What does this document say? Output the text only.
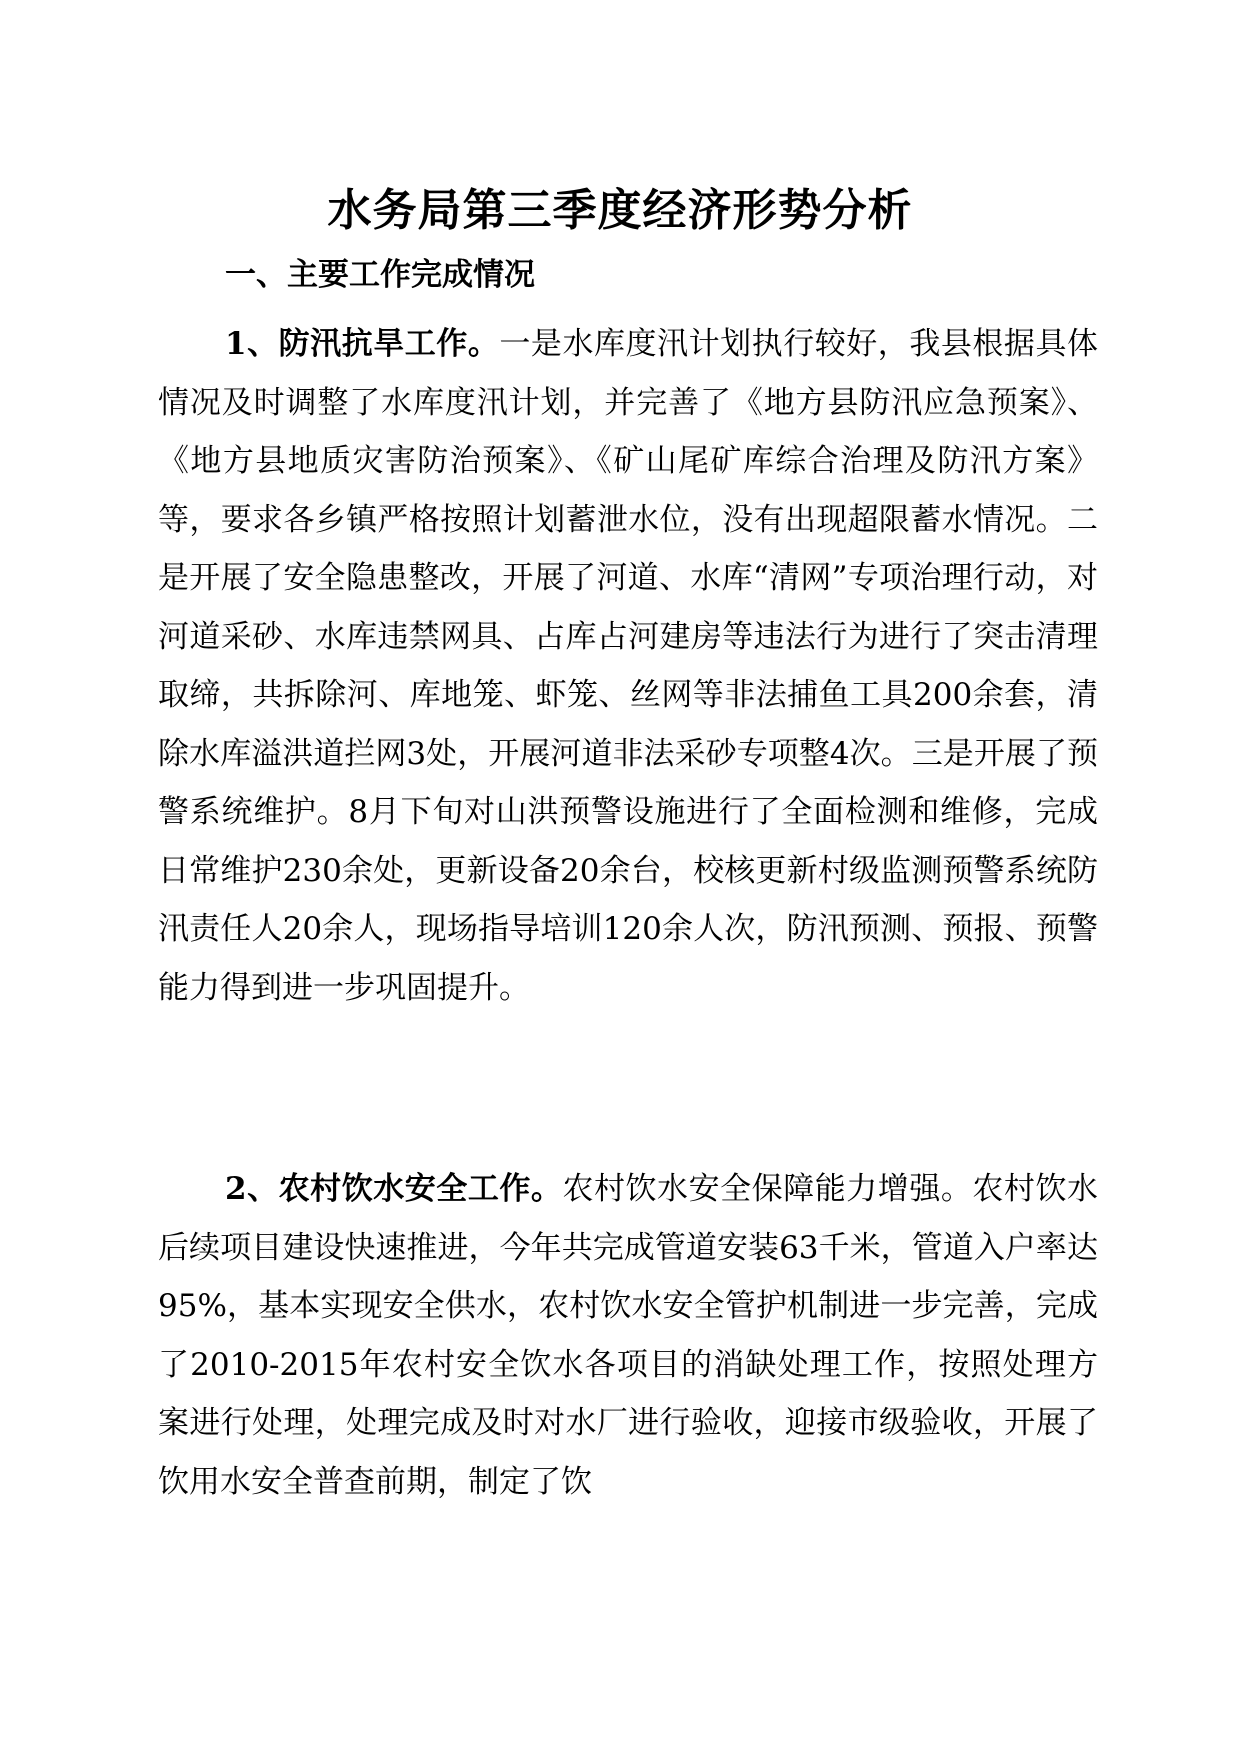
水务局第三季度经济形势分析
一、主要工作完成情况

1、防汛抗旱工作。一是水库度汛计划执行较好，我县根据具体情况及时调整了水库度汛计划，并完善了《地方县防汛应急预案》、《地方县地质灾害防治预案》、《矿山尾矿库综合治理及防汛方案》等，要求各乡镇严格按照计划蓄泄水位，没有出现超限蓄水情况。二是开展了安全隐患整改，开展了河道、水库“清网”专项治理行动，对河道采砂、水库违禁网具、占库占河建房等违法行为进行了突击清理取缔，共拆除河、库地笼、虾笼、丝网等非法捕鱼工具200余套，清除水库溢洪道拦网3处，开展河道非法采砂专项整4次。三是开展了预警系统维护。8月下旬对山洪预警设施进行了全面检测和维修，完成日常维护230余处，更新设备20余台，校核更新村级监测预警系统防汛责任人20余人，现场指导培训120余人次，防汛预测、预报、预警能力得到进一步巩固提升。

2、农村饮水安全工作。农村饮水安全保障能力增强。农村饮水后续项目建设快速推进，今年共完成管道安装63千米，管道入户率达95%，基本实现安全供水，农村饮水安全管护机制进一步完善，完成了2010-2015年农村安全饮水各项目的消缺处理工作，按照处理方案进行处理，处理完成及时对水厂进行验收，迎接市级验收，开展了饮用水安全普查前期，制定了饮
